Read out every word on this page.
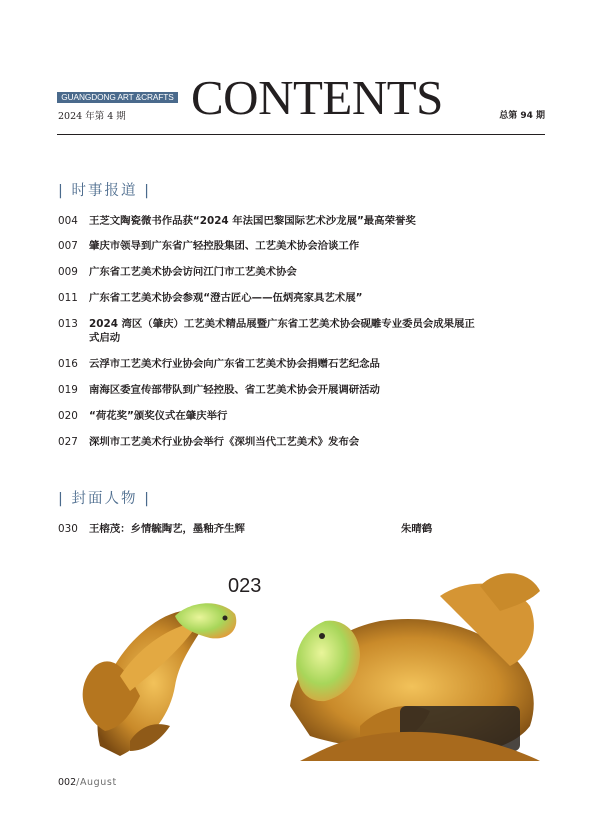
GUANGDONG ART &CRAFTS
2024 年第 4 期 CONTENTS	总第 94 期
| 时事报道 |
004	王芝文陶瓷微书作品获“2024 年法国巴黎国际艺术沙龙展”最高荣誉奖
007	肇庆市领导到广东省广轻控股集团、工艺美术协会洽谈工作
009	广东省工艺美术协会访问江门市工艺美术协会
011	广东省工艺美术协会参观“澄古匠心——伍炳亮家具艺术展”
013	2024 湾区（肇庆）工艺美术精品展暨广东省工艺美术协会砚雕专业委员会成果展正式启动
016	云浮市工艺美术行业协会向广东省工艺美术协会捐赠石艺纪念品
019	南海区委宣传部带队到广轻控股、省工艺美术协会开展调研活动
020	“荷花奖”颁奖仪式在肇庆举行
027	深圳市工艺美术行业协会举行《深圳当代工艺美术》发布会
| 封面人物 |
030	王榕茂：乡情毓陶艺，墨釉齐生辉	朱晴鹤
023
002/August
